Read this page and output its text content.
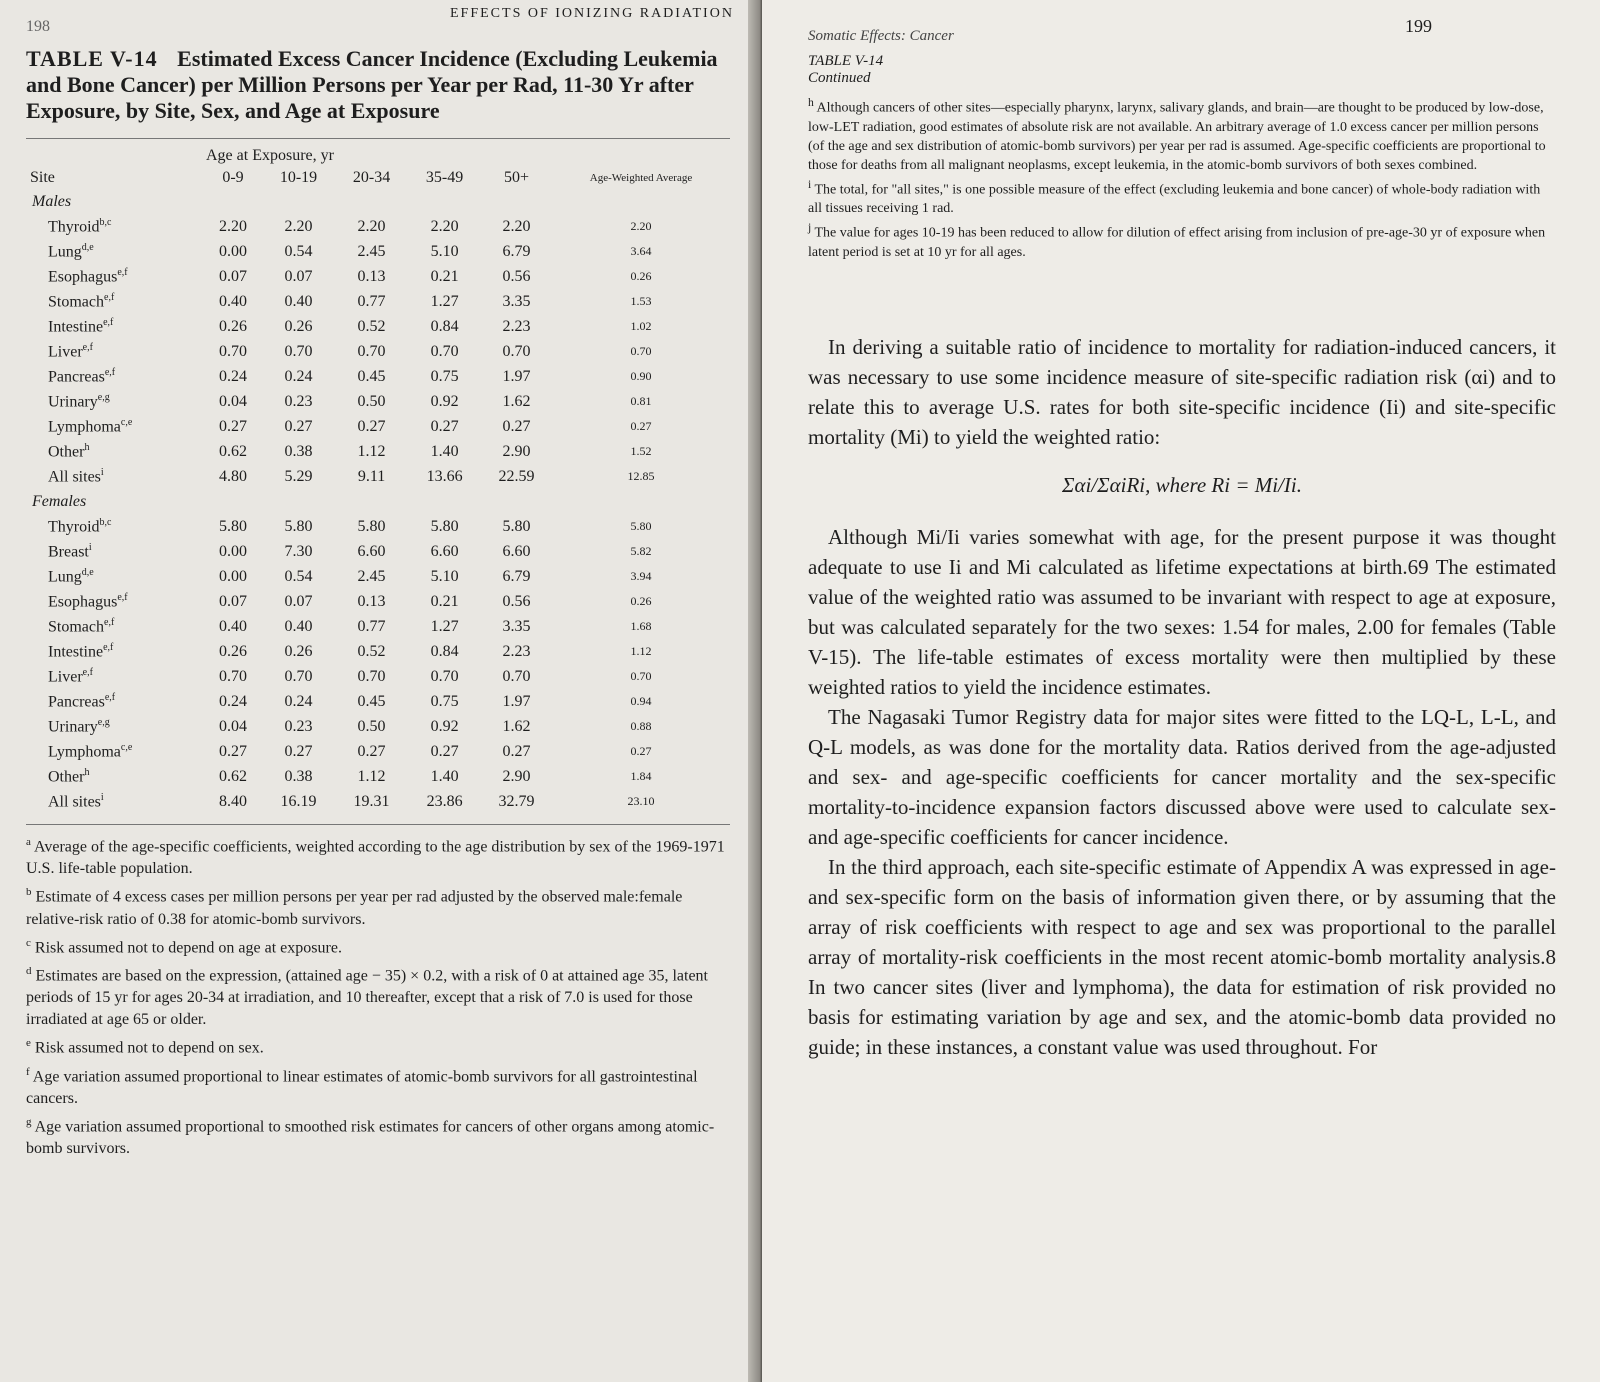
198
EFFECTS OF IONIZING RADIATION
TABLE V-14 Estimated Excess Cancer Incidence (Excluding Leukemia and Bone Cancer) per Million Persons per Year per Rad, 11-30 Yr after Exposure, by Site, Sex, and Age at Exposure
Age at Exposure, yr						
Site	0-9	10-19	20-34	35-49	50+	Age-Weighted Average
Males						
Thyroid$^{b,c}$	2.20	2.20	2.20	2.20	2.20	2.20
Lung$^{d,e}$	0.00	0.54	2.45	5.10	6.79	3.64
Esophagus$^{e,f}$	0.07	0.07	0.13	0.21	0.56	0.26
Stomach$^{e,f}$	0.40	0.40	0.77	1.27	3.35	1.53
Intestine$^{e,f}$	0.26	0.26	0.52	0.84	2.23	1.02
Liver$^{e,f}$	0.70	0.70	0.70	0.70	0.70	0.70
Pancreas$^{e,f}$	0.24	0.24	0.45	0.75	1.97	0.90
Urinary$^{e,g}$	0.04	0.23	0.50	0.92	1.62	0.81
Lymphoma$^{c,e}$	0.27	0.27	0.27	0.27	0.27	0.27
Other$^h$	0.62	0.38	1.12	1.40	2.90	1.52
All sites$^i$	4.80	5.29	9.11	13.66	22.59	12.85
Females						
Thyroid$^{b,c}$	5.80	5.80	5.80	5.80	5.80	5.80
Breast$^i$	0.00	7.30	6.60	6.60	6.60	5.82
Lung$^{d,e}$	0.00	0.54	2.45	5.10	6.79	3.94
Esophagus$^{e,f}$	0.07	0.07	0.13	0.21	0.56	0.26
Stomach$^{e,f}$	0.40	0.40	0.77	1.27	3.35	1.68
Intestine$^{e,f}$	0.26	0.26	0.52	0.84	2.23	1.12
Liver$^{e,f}$	0.70	0.70	0.70	0.70	0.70	0.70
Pancreas$^{e,f}$	0.24	0.24	0.45	0.75	1.97	0.94
Urinary$^{e,g}$	0.04	0.23	0.50	0.92	1.62	0.88
Lymphoma$^{c,e}$	0.27	0.27	0.27	0.27	0.27	0.27
Other$^h$	0.62	0.38	1.12	1.40	2.90	1.84
All sites$^i$	8.40	16.19	19.31	23.86	32.79	23.10

$^a$ Average of the age-specific coefficients, weighted according to the age distribution by sex of the 1969-1971 U.S. life-table population.

$^b$ Estimate of 4 excess cases per million persons per year per rad adjusted by the observed male:female relative-risk ratio of 0.38 for atomic-bomb survivors.

$^c$ Risk assumed not to depend on age at exposure.

$^d$ Estimates are based on the expression, (attained age − 35) × 0.2, with a risk of 0 at attained age 35, latent periods of 15 yr for ages 20-34 at irradiation, and 10 thereafter, except that a risk of 7.0 is used for those irradiated at age 65 or older.

$^e$ Risk assumed not to depend on sex.

$^f$ Age variation assumed proportional to linear estimates of atomic-bomb survivors for all gastrointestinal cancers.

$^g$ Age variation assumed proportional to smoothed risk estimates for cancers of other organs among atomic-bomb survivors.

199
Somatic Effects: Cancer
TABLE V-14
Continued

$^h$ Although cancers of other sites—especially pharynx, larynx, salivary glands, and brain—are thought to be produced by low-dose, low-LET radiation, good estimates of absolute risk are not available. An arbitrary average of 1.0 excess cancer per million persons (of the age and sex distribution of atomic-bomb survivors) per year per rad is assumed. Age-specific coefficients are proportional to those for deaths from all malignant neoplasms, except leukemia, in the atomic-bomb survivors of both sexes combined.

$^i$ The total, for "all sites," is one possible measure of the effect (excluding leukemia and bone cancer) of whole-body radiation with all tissues receiving 1 rad.

$^j$ The value for ages 10-19 has been reduced to allow for dilution of effect arising from inclusion of pre-age-30 yr of exposure when latent period is set at 10 yr for all ages.

In deriving a suitable ratio of incidence to mortality for radiation-induced cancers, it was necessary to use some incidence measure of site-specific radiation risk (αi) and to relate this to average U.S. rates for both site-specific incidence (Ii) and site-specific mortality (Mi) to yield the weighted ratio:

Σαi/ΣαiRi, where Ri = Mi/Ii.

Although Mi/Ii varies somewhat with age, for the present purpose it was thought adequate to use Ii and Mi calculated as lifetime expectations at birth.69 The estimated value of the weighted ratio was assumed to be invariant with respect to age at exposure, but was calculated separately for the two sexes: 1.54 for males, 2.00 for females (Table V-15). The life-table estimates of excess mortality were then multiplied by these weighted ratios to yield the incidence estimates.

The Nagasaki Tumor Registry data for major sites were fitted to the LQ-L, L-L, and Q-L models, as was done for the mortality data. Ratios derived from the age-adjusted and sex- and age-specific coefficients for cancer mortality and the sex-specific mortality-to-incidence expansion factors discussed above were used to calculate sex- and age-specific coefficients for cancer incidence.

In the third approach, each site-specific estimate of Appendix A was expressed in age- and sex-specific form on the basis of information given there, or by assuming that the array of risk coefficients with respect to age and sex was proportional to the parallel array of mortality-risk coefficients in the most recent atomic-bomb mortality analysis.8 In two cancer sites (liver and lymphoma), the data for estimation of risk provided no basis for estimating variation by age and sex, and the atomic-bomb data provided no guide; in these instances, a constant value was used throughout. For
